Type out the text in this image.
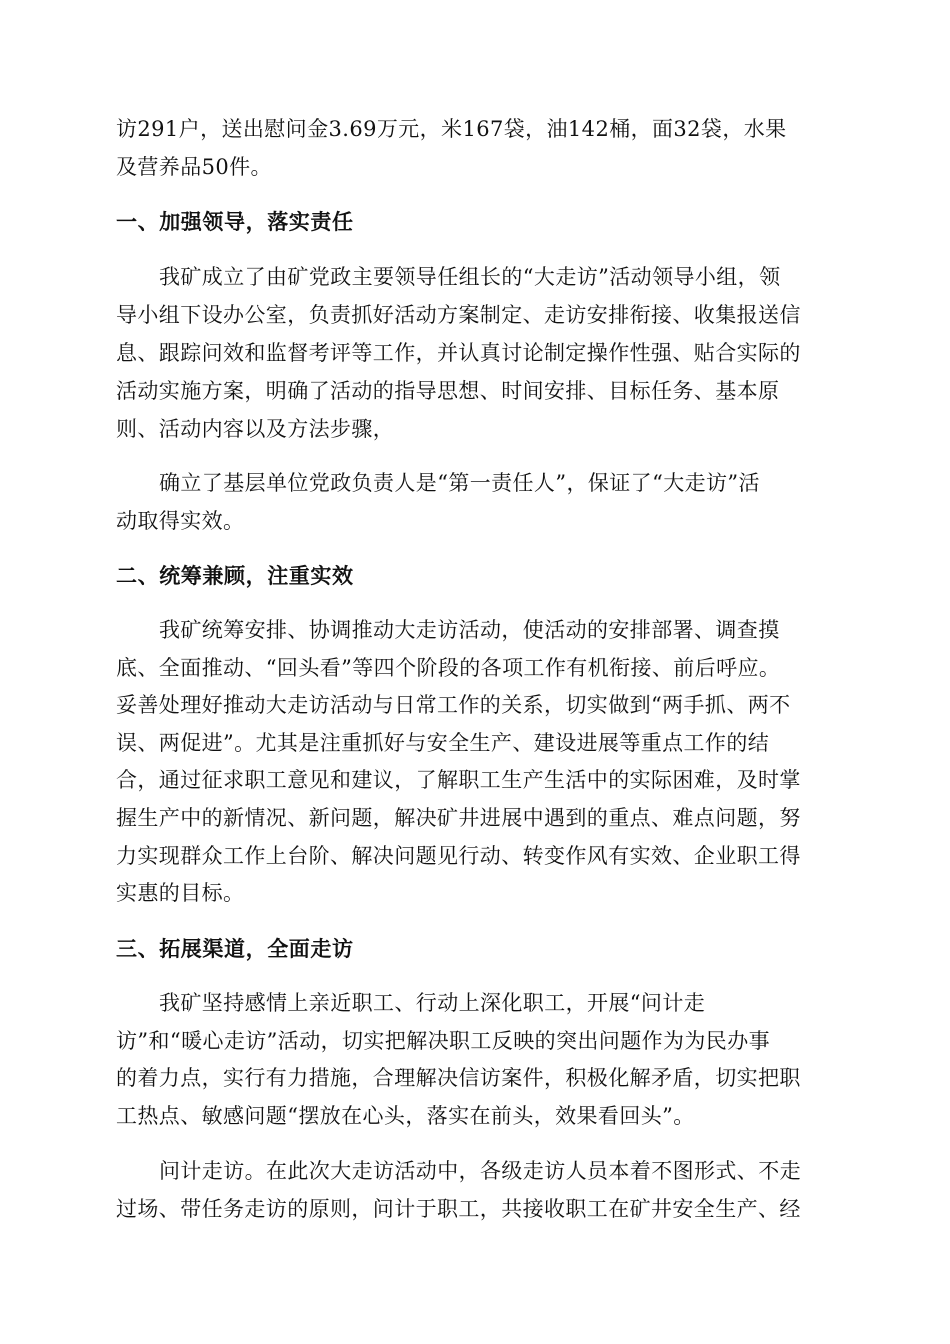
访291户，送出慰问金3.69万元，米167袋，油142桶，面32袋，水果
及营养品50件。
一、加强领导，落实责任
我矿成立了由矿党政主要领导任组长的“大走访”活动领导小组，领
导小组下设办公室，负责抓好活动方案制定、走访安排衔接、收集报送信
息、跟踪问效和监督考评等工作，并认真讨论制定操作性强、贴合实际的
活动实施方案，明确了活动的指导思想、时间安排、目标任务、基本原
则、活动内容以及方法步骤，
确立了基层单位党政负责人是“第一责任人”，保证了“大走访”活
动取得实效。
二、统筹兼顾，注重实效
我矿统筹安排、协调推动大走访活动，使活动的安排部署、调查摸
底、全面推动、“回头看”等四个阶段的各项工作有机衔接、前后呼应。
妥善处理好推动大走访活动与日常工作的关系，切实做到“两手抓、两不
误、两促进”。尤其是注重抓好与安全生产、建设进展等重点工作的结
合，通过征求职工意见和建议，了解职工生产生活中的实际困难，及时掌
握生产中的新情况、新问题，解决矿井进展中遇到的重点、难点问题，努
力实现群众工作上台阶、解决问题见行动、转变作风有实效、企业职工得
实惠的目标。
三、拓展渠道，全面走访
我矿坚持感情上亲近职工、行动上深化职工，开展“问计走
访”和“暖心走访”活动，切实把解决职工反映的突出问题作为为民办事
的着力点，实行有力措施，合理解决信访案件，积极化解矛盾，切实把职
工热点、敏感问题“摆放在心头，落实在前头，效果看回头”。
问计走访。在此次大走访活动中，各级走访人员本着不图形式、不走
过场、带任务走访的原则，问计于职工，共接收职工在矿井安全生产、经
